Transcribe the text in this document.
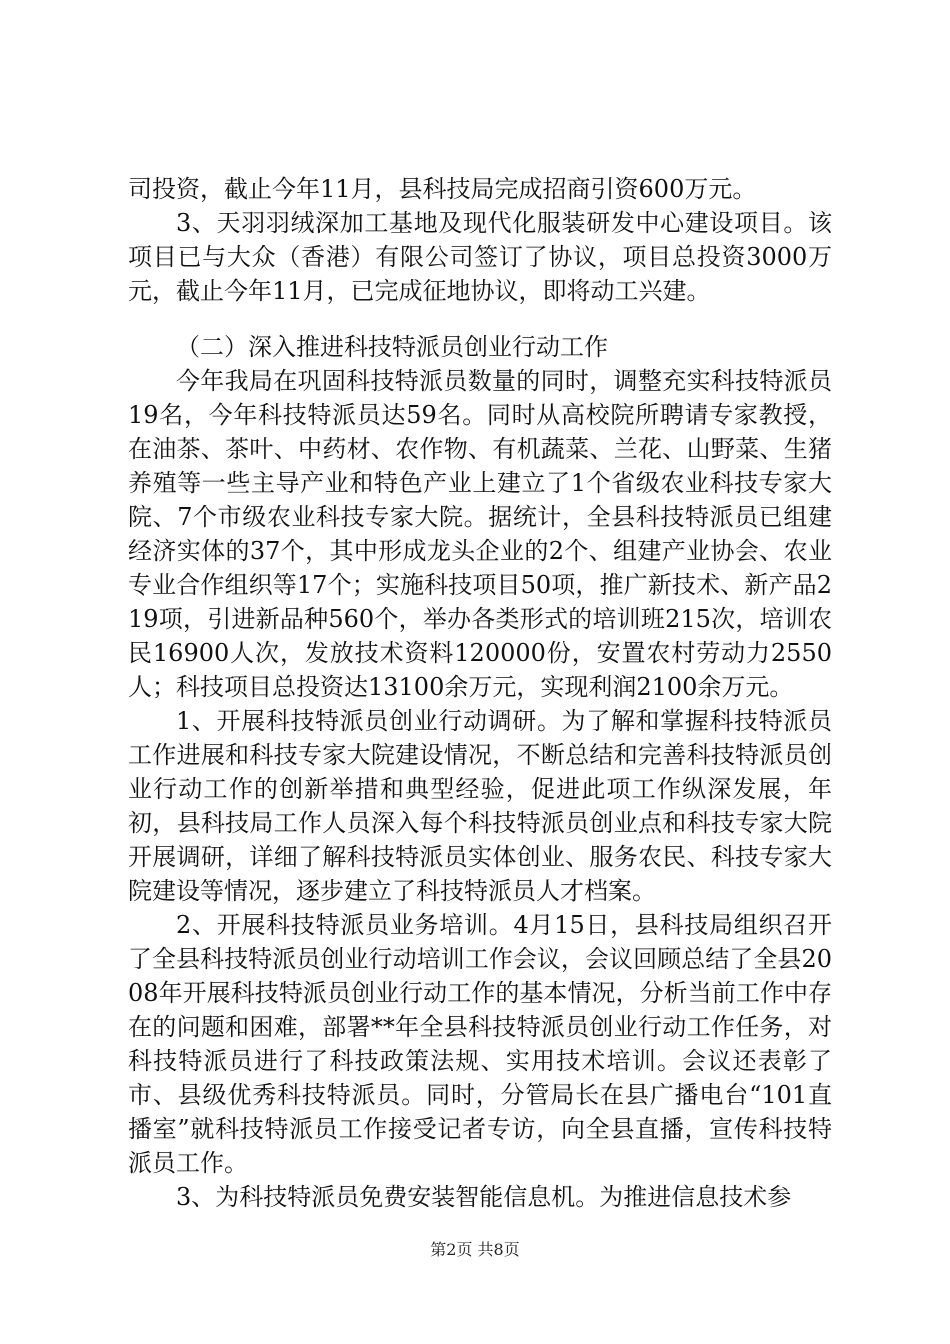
司投资，截止今年11月，县科技局完成招商引资600万元。

3、天羽羽绒深加工基地及现代化服装研发中心建设项目。该项目已与大众（香港）有限公司签订了协议，项目总投资3000万元，截止今年11月，已完成征地协议，即将动工兴建。

（二）深入推进科技特派员创业行动工作

今年我局在巩固科技特派员数量的同时，调整充实科技特派员19名，今年科技特派员达59名。同时从高校院所聘请专家教授，在油茶、茶叶、中药材、农作物、有机蔬菜、兰花、山野菜、生猪养殖等一些主导产业和特色产业上建立了1个省级农业科技专家大院、7个市级农业科技专家大院。据统计，全县科技特派员已组建经济实体的37个，其中形成龙头企业的2个、组建产业协会、农业专业合作组织等17个；实施科技项目50项，推广新技术、新产品219项，引进新品种560个，举办各类形式的培训班215次，培训农民16900人次，发放技术资料120000份，安置农村劳动力2550人；科技项目总投资达13100余万元，实现利润2100余万元。

1、开展科技特派员创业行动调研。为了解和掌握科技特派员工作进展和科技专家大院建设情况，不断总结和完善科技特派员创业行动工作的创新举措和典型经验，促进此项工作纵深发展，年初，县科技局工作人员深入每个科技特派员创业点和科技专家大院开展调研，详细了解科技特派员实体创业、服务农民、科技专家大院建设等情况，逐步建立了科技特派员人才档案。

2、开展科技特派员业务培训。4月15日，县科技局组织召开了全县科技特派员创业行动培训工作会议，会议回顾总结了全县2008年开展科技特派员创业行动工作的基本情况，分析当前工作中存在的问题和困难，部署**年全县科技特派员创业行动工作任务，对科技特派员进行了科技政策法规、实用技术培训。会议还表彰了市、县级优秀科技特派员。同时，分管局长在县广播电台“101直播室”就科技特派员工作接受记者专访，向全县直播，宣传科技特派员工作。

3、为科技特派员免费安装智能信息机。为推进信息技术参

第2页 共8页
